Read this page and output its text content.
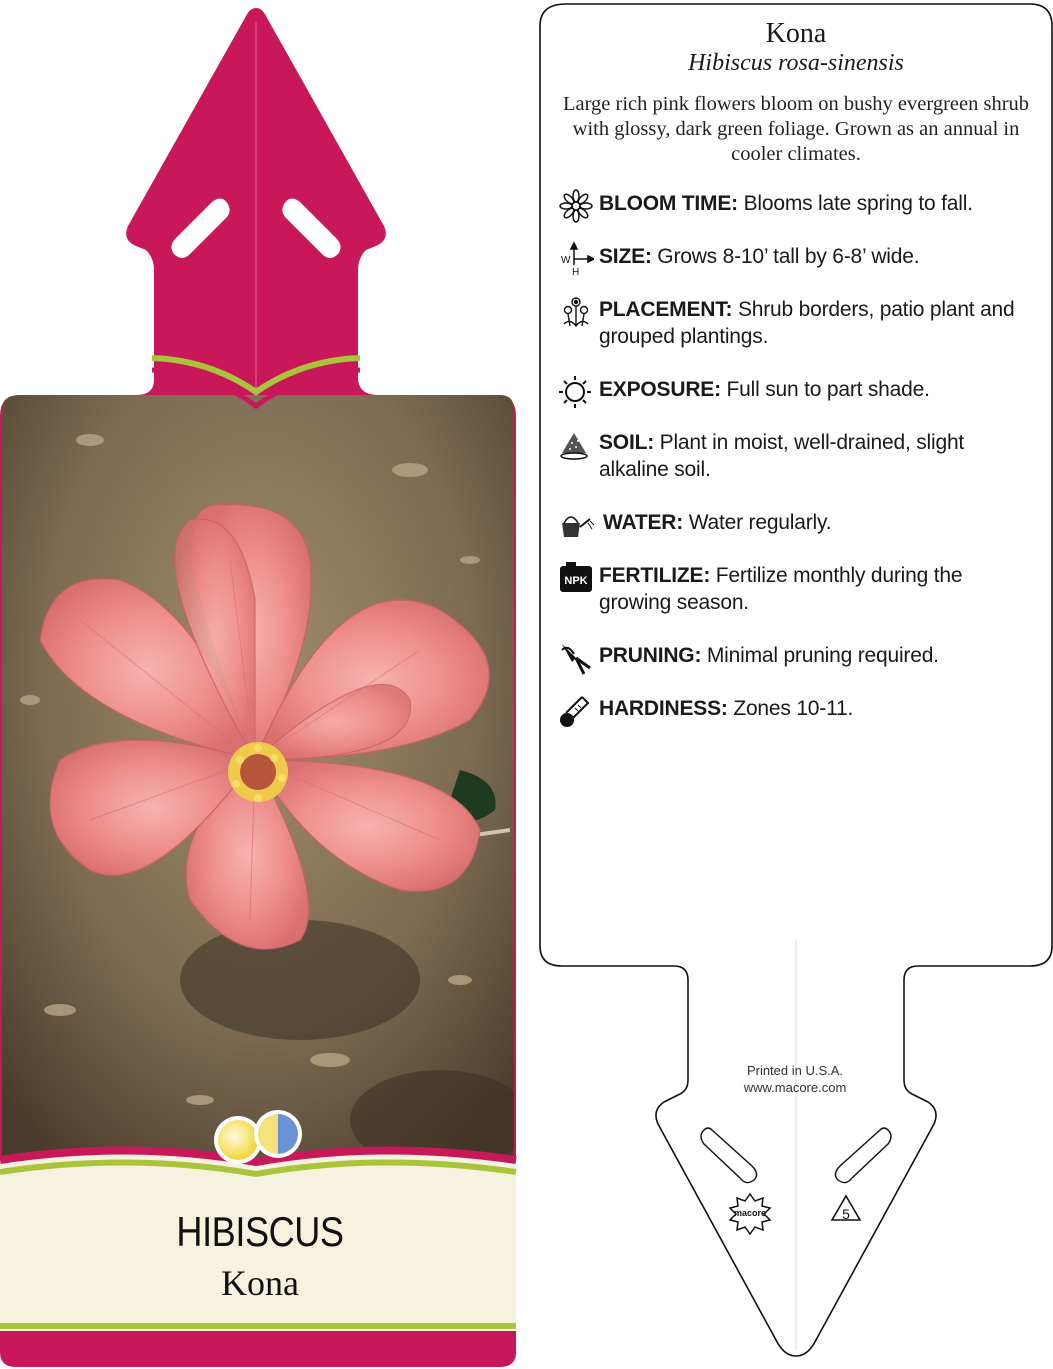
HIBISCUS
Kona
macore	5
Kona
Hibiscus rosa-sinensis
Large rich pink flowers bloom on bushy evergreen shrub with glossy, dark green foliage. Grown as an annual in cooler climates.
BLOOM TIME: Blooms late spring to fall.
W
H
SIZE: Grows 8-10’ tall by 6-8’ wide.
PLACEMENT: Shrub borders, patio plant and grouped plantings.
EXPOSURE: Full sun to part shade.
SOIL: Plant in moist, well-drained, slight alkaline soil.
WATER: Water regularly.
NPK FERTILIZE: Fertilize monthly during the growing season.
PRUNING: Minimal pruning required.
HARDINESS: Zones 10-11.
Printed in U.S.A.
www.macore.com
